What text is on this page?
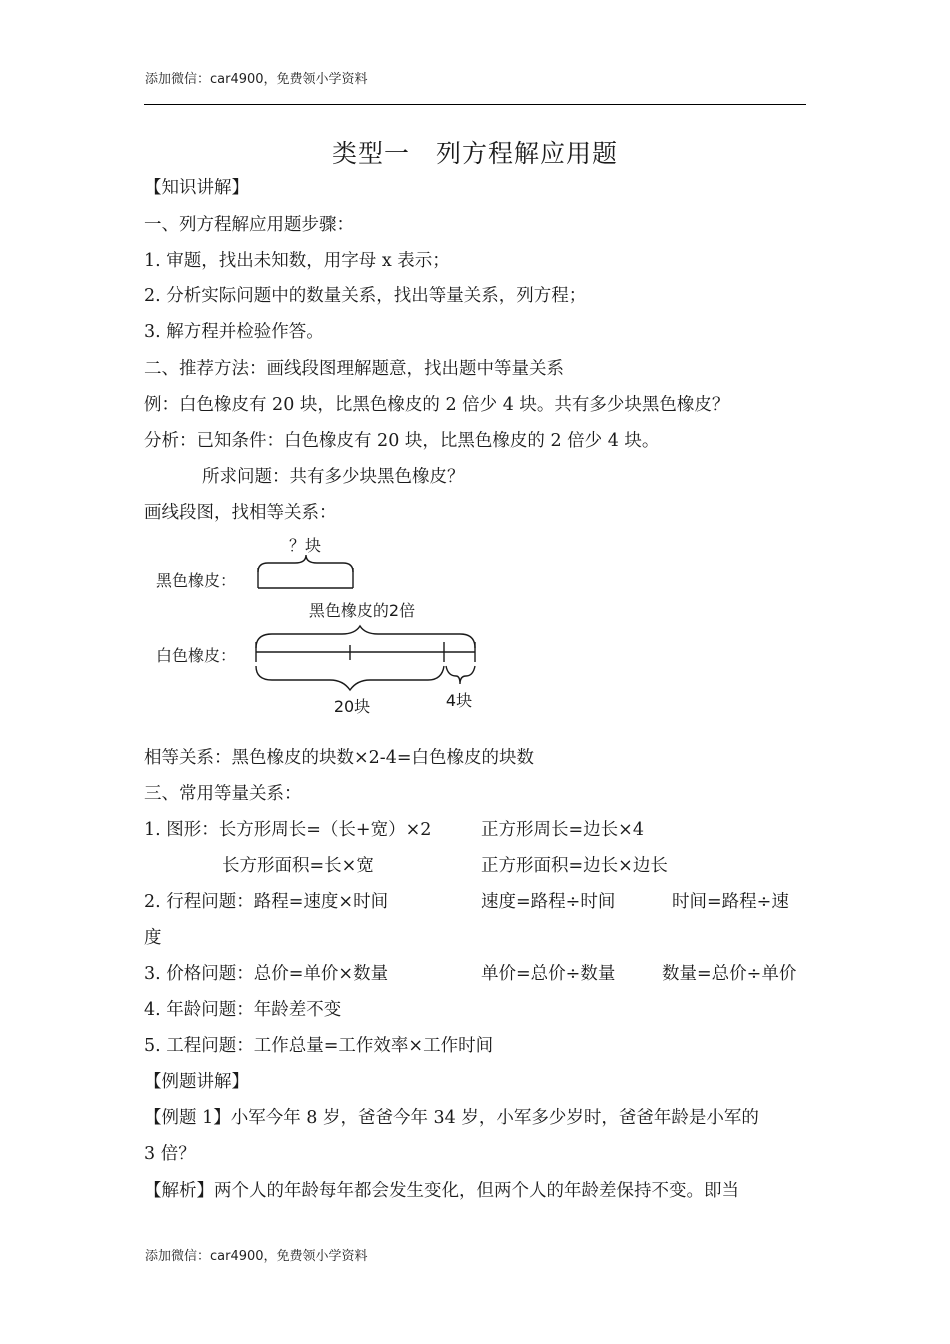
添加微信：car4900，免费领小学资料
类型一　列方程解应用题
【知识讲解】
一、列方程解应用题步骤：
1. 审题，找出未知数，用字母 x 表示；
2. 分析实际问题中的数量关系，找出等量关系，列方程；
3. 解方程并检验作答。
二、推荐方法：画线段图理解题意，找出题中等量关系
例：白色橡皮有 20 块，比黑色橡皮的 2 倍少 4 块。共有多少块黑色橡皮？
分析：已知条件：白色橡皮有 20 块，比黑色橡皮的 2 倍少 4 块。
所求问题：共有多少块黑色橡皮？
画线段图，找相等关系：
？块
黑色橡皮：
黑色橡皮的2倍
白色橡皮：
20块	4块
相等关系：黑色橡皮的块数×2-4=白色橡皮的块数
三、常用等量关系：
1. 图形：长方形周长=（长+宽）×2	正方形周长=边长×4
长方形面积=长×宽	正方形面积=边长×边长
2. 行程问题：路程=速度×时间	速度=路程÷时间	时间=路程÷速
度
3. 价格问题：总价=单价×数量	单价=总价÷数量	数量=总价÷单价
4. 年龄问题：年龄差不变
5. 工程问题：工作总量=工作效率×工作时间
【例题讲解】
【例题 1】小军今年 8 岁，爸爸今年 34 岁，小军多少岁时，爸爸年龄是小军的
3 倍？
【解析】两个人的年龄每年都会发生变化，但两个人的年龄差保持不变。即当
添加微信：car4900，免费领小学资料
